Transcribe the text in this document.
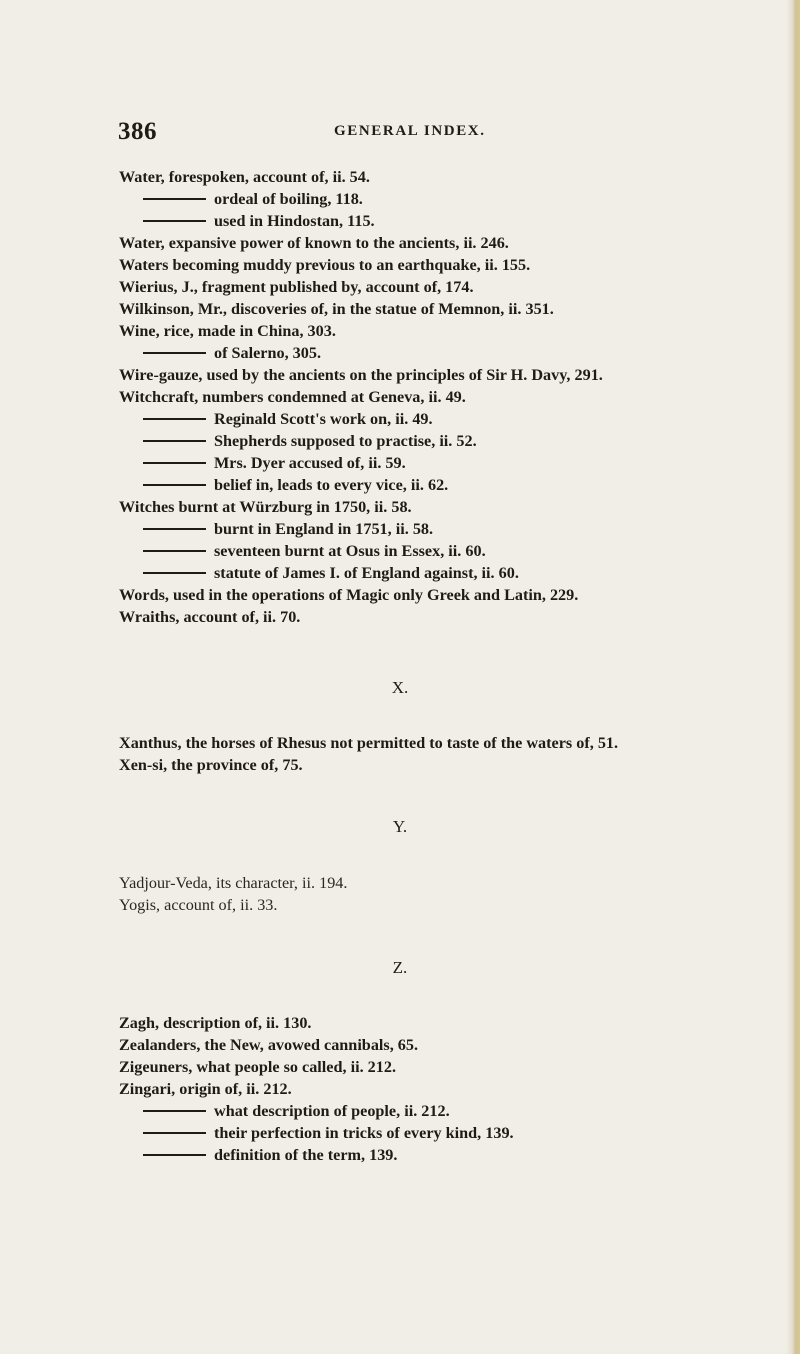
386	GENERAL INDEX.
Water, forespoken, account of, ii. 54.
ordeal of boiling, 118.
used in Hindostan, 115.
Water, expansive power of known to the ancients, ii. 246.
Waters becoming muddy previous to an earthquake, ii. 155.
Wierius, J., fragment published by, account of, 174.
Wilkinson, Mr., discoveries of, in the statue of Memnon, ii. 351.
Wine, rice, made in China, 303.
of Salerno, 305.
Wire-gauze, used by the ancients on the principles of Sir H. Davy, 291.
Witchcraft, numbers condemned at Geneva, ii. 49.
Reginald Scott's work on, ii. 49.
Shepherds supposed to practise, ii. 52.
Mrs. Dyer accused of, ii. 59.
belief in, leads to every vice, ii. 62.
Witches burnt at Würzburg in 1750, ii. 58.
burnt in England in 1751, ii. 58.
seventeen burnt at Osus in Essex, ii. 60.
statute of James I. of England against, ii. 60.
Words, used in the operations of Magic only Greek and Latin, 229.
Wraiths, account of, ii. 70.
X.
Xanthus, the horses of Rhesus not permitted to taste of the waters of, 51.
Xen-si, the province of, 75.
Y.
Yadjour-Veda, its character, ii. 194.
Yogis, account of, ii. 33.
Z.
Zagh, description of, ii. 130.
Zealanders, the New, avowed cannibals, 65.
Zigeuners, what people so called, ii. 212.
Zingari, origin of, ii. 212.
what description of people, ii. 212.
their perfection in tricks of every kind, 139.
definition of the term, 139.
